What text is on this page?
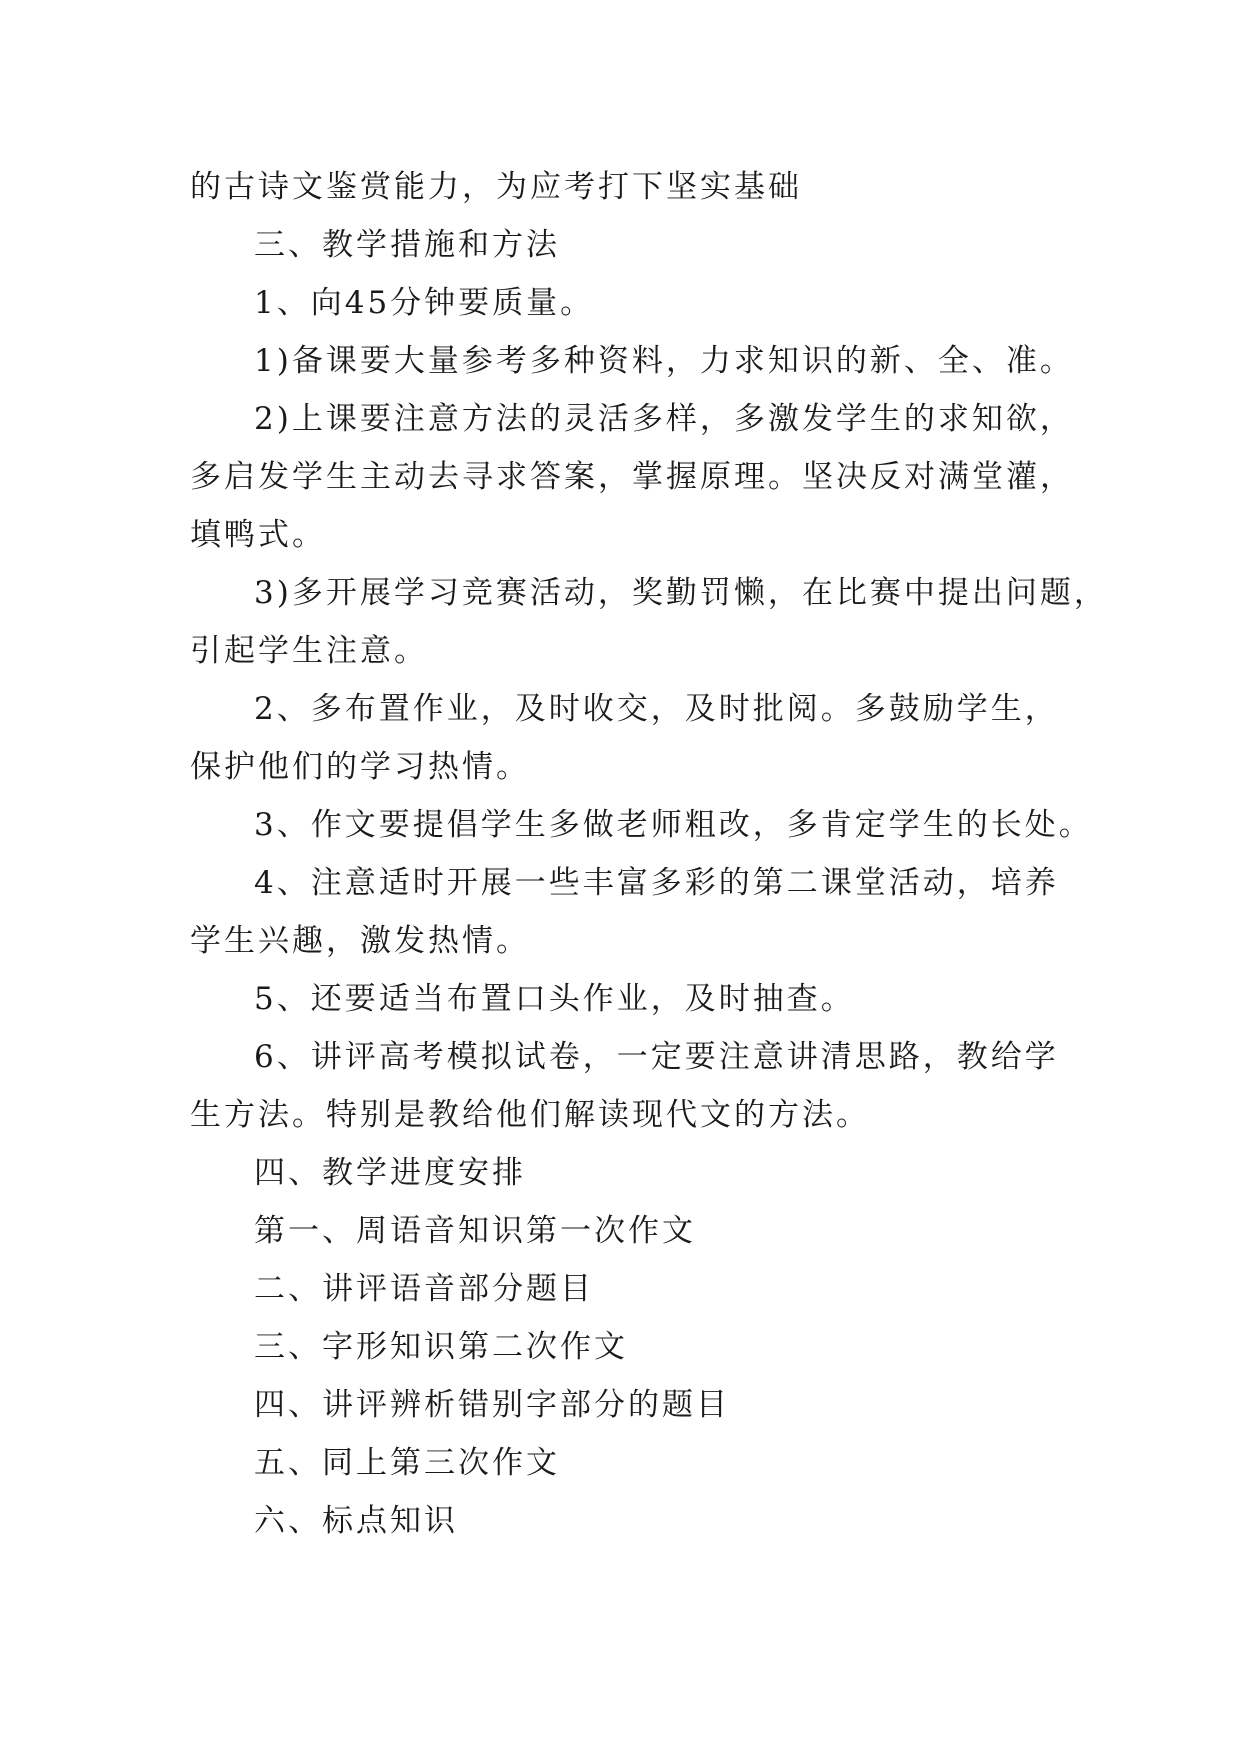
的古诗文鉴赏能力，为应考打下坚实基础
三、教学措施和方法
1、向45分钟要质量。
1)备课要大量参考多种资料，力求知识的新、全、准。
2)上课要注意方法的灵活多样，多激发学生的求知欲，
多启发学生主动去寻求答案，掌握原理。坚决反对满堂灌，
填鸭式。
3)多开展学习竞赛活动，奖勤罚懒，在比赛中提出问题，
引起学生注意。
2、多布置作业，及时收交，及时批阅。多鼓励学生，
保护他们的学习热情。
3、作文要提倡学生多做老师粗改，多肯定学生的长处。
4、注意适时开展一些丰富多彩的第二课堂活动，培养
学生兴趣，激发热情。
5、还要适当布置口头作业，及时抽查。
6、讲评高考模拟试卷，一定要注意讲清思路，教给学
生方法。特别是教给他们解读现代文的方法。
四、教学进度安排
第一、周语音知识第一次作文
二、讲评语音部分题目
三、字形知识第二次作文
四、讲评辨析错别字部分的题目
五、同上第三次作文
六、标点知识
